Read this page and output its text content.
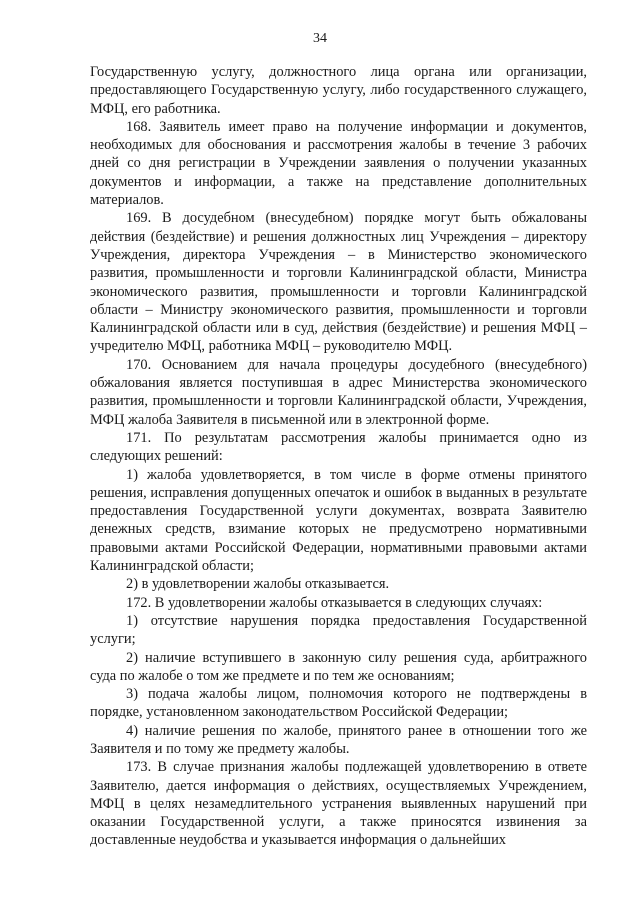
34

Государственную услугу, должностного лица органа или организации, предоставляющего Государственную услугу, либо государственного служащего, МФЦ, его работника.

168. Заявитель имеет право на получение информации и документов, необходимых для обоснования и рассмотрения жалобы в течение 3 рабочих дней со дня регистрации в Учреждении заявления о получении указанных документов и информации, а также на представление дополнительных материалов.

169. В досудебном (внесудебном) порядке могут быть обжалованы действия (бездействие) и решения должностных лиц Учреждения – директору Учреждения, директора Учреждения – в Министерство экономического развития, промышленности и торговли Калининградской области, Министра экономического развития, промышленности и торговли Калининградской области – Министру экономического развития, промышленности и торговли Калининградской области или в суд, действия (бездействие) и решения МФЦ – учредителю МФЦ, работника МФЦ – руководителю МФЦ.

170. Основанием для начала процедуры досудебного (внесудебного) обжалования является поступившая в адрес Министерства экономического развития, промышленности и торговли Калининградской области, Учреждения, МФЦ жалоба Заявителя в письменной или в электронной форме.

171. По результатам рассмотрения жалобы принимается одно из следующих решений:

1) жалоба удовлетворяется, в том числе в форме отмены принятого решения, исправления допущенных опечаток и ошибок в выданных в результате предоставления Государственной услуги документах, возврата Заявителю денежных средств, взимание которых не предусмотрено нормативными правовыми актами Российской Федерации, нормативными правовыми актами Калининградской области;

2) в удовлетворении жалобы отказывается.

172. В удовлетворении жалобы отказывается в следующих случаях:

1) отсутствие нарушения порядка предоставления Государственной услуги;

2) наличие вступившего в законную силу решения суда, арбитражного суда по жалобе о том же предмете и по тем же основаниям;

3) подача жалобы лицом, полномочия которого не подтверждены в порядке, установленном законодательством Российской Федерации;

4) наличие решения по жалобе, принятого ранее в отношении того же Заявителя и по тому же предмету жалобы.

173. В случае признания жалобы подлежащей удовлетворению в ответе Заявителю, дается информация о действиях, осуществляемых Учреждением, МФЦ в целях незамедлительного устранения выявленных нарушений при оказании Государственной услуги, а также приносятся извинения за доставленные неудобства и указывается информация о дальнейших
